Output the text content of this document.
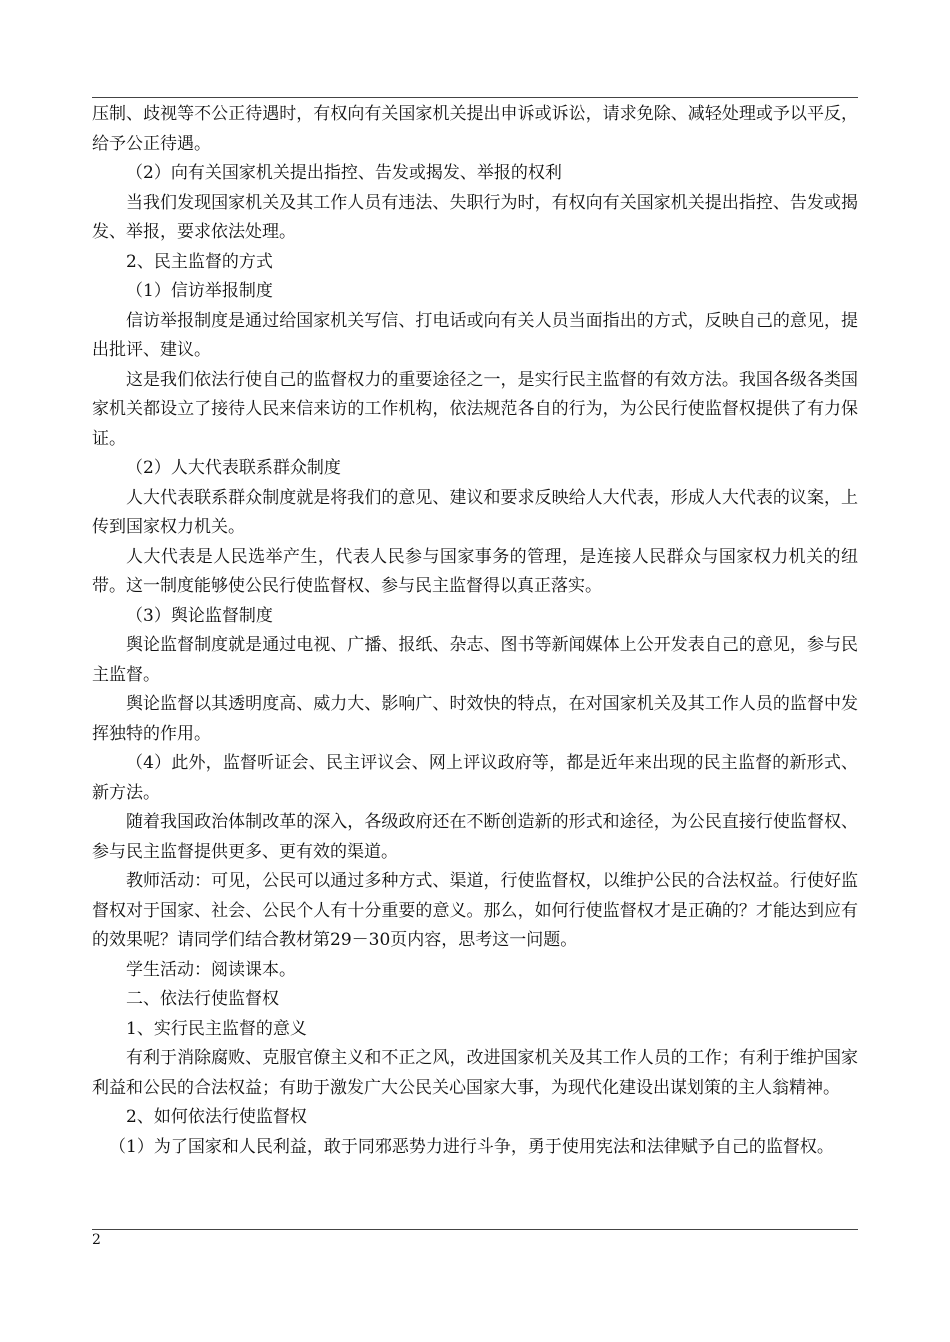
压制、歧视等不公正待遇时，有权向有关国家机关提出申诉或诉讼，请求免除、减轻处理或予以平反，给予公正待遇。

（2）向有关国家机关提出指控、告发或揭发、举报的权利

当我们发现国家机关及其工作人员有违法、失职行为时，有权向有关国家机关提出指控、告发或揭发、举报，要求依法处理。

2、民主监督的方式

（1）信访举报制度

信访举报制度是通过给国家机关写信、打电话或向有关人员当面指出的方式，反映自己的意见，提出批评、建议。

这是我们依法行使自己的监督权力的重要途径之一，是实行民主监督的有效方法。我国各级各类国家机关都设立了接待人民来信来访的工作机构，依法规范各自的行为，为公民行使监督权提供了有力保证。

（2）人大代表联系群众制度

人大代表联系群众制度就是将我们的意见、建议和要求反映给人大代表，形成人大代表的议案，上传到国家权力机关。

人大代表是人民选举产生，代表人民参与国家事务的管理，是连接人民群众与国家权力机关的纽带。这一制度能够使公民行使监督权、参与民主监督得以真正落实。

（3）舆论监督制度

舆论监督制度就是通过电视、广播、报纸、杂志、图书等新闻媒体上公开发表自己的意见，参与民主监督。

舆论监督以其透明度高、威力大、影响广、时效快的特点，在对国家机关及其工作人员的监督中发挥独特的作用。

（4）此外，监督听证会、民主评议会、网上评议政府等，都是近年来出现的民主监督的新形式、新方法。

随着我国政治体制改革的深入，各级政府还在不断创造新的形式和途径，为公民直接行使监督权、参与民主监督提供更多、更有效的渠道。

教师活动：可见，公民可以通过多种方式、渠道，行使监督权，以维护公民的合法权益。行使好监督权对于国家、社会、公民个人有十分重要的意义。那么，如何行使监督权才是正确的？才能达到应有的效果呢？请同学们结合教材第29－30页内容，思考这一问题。

学生活动：阅读课本。

二、依法行使监督权

1、实行民主监督的意义

有利于消除腐败、克服官僚主义和不正之风，改进国家机关及其工作人员的工作；有利于维护国家利益和公民的合法权益；有助于激发广大公民关心国家大事，为现代化建设出谋划策的主人翁精神。

2、如何依法行使监督权

（1）为了国家和人民利益，敢于同邪恶势力进行斗争，勇于使用宪法和法律赋予自己的监督权。

2
